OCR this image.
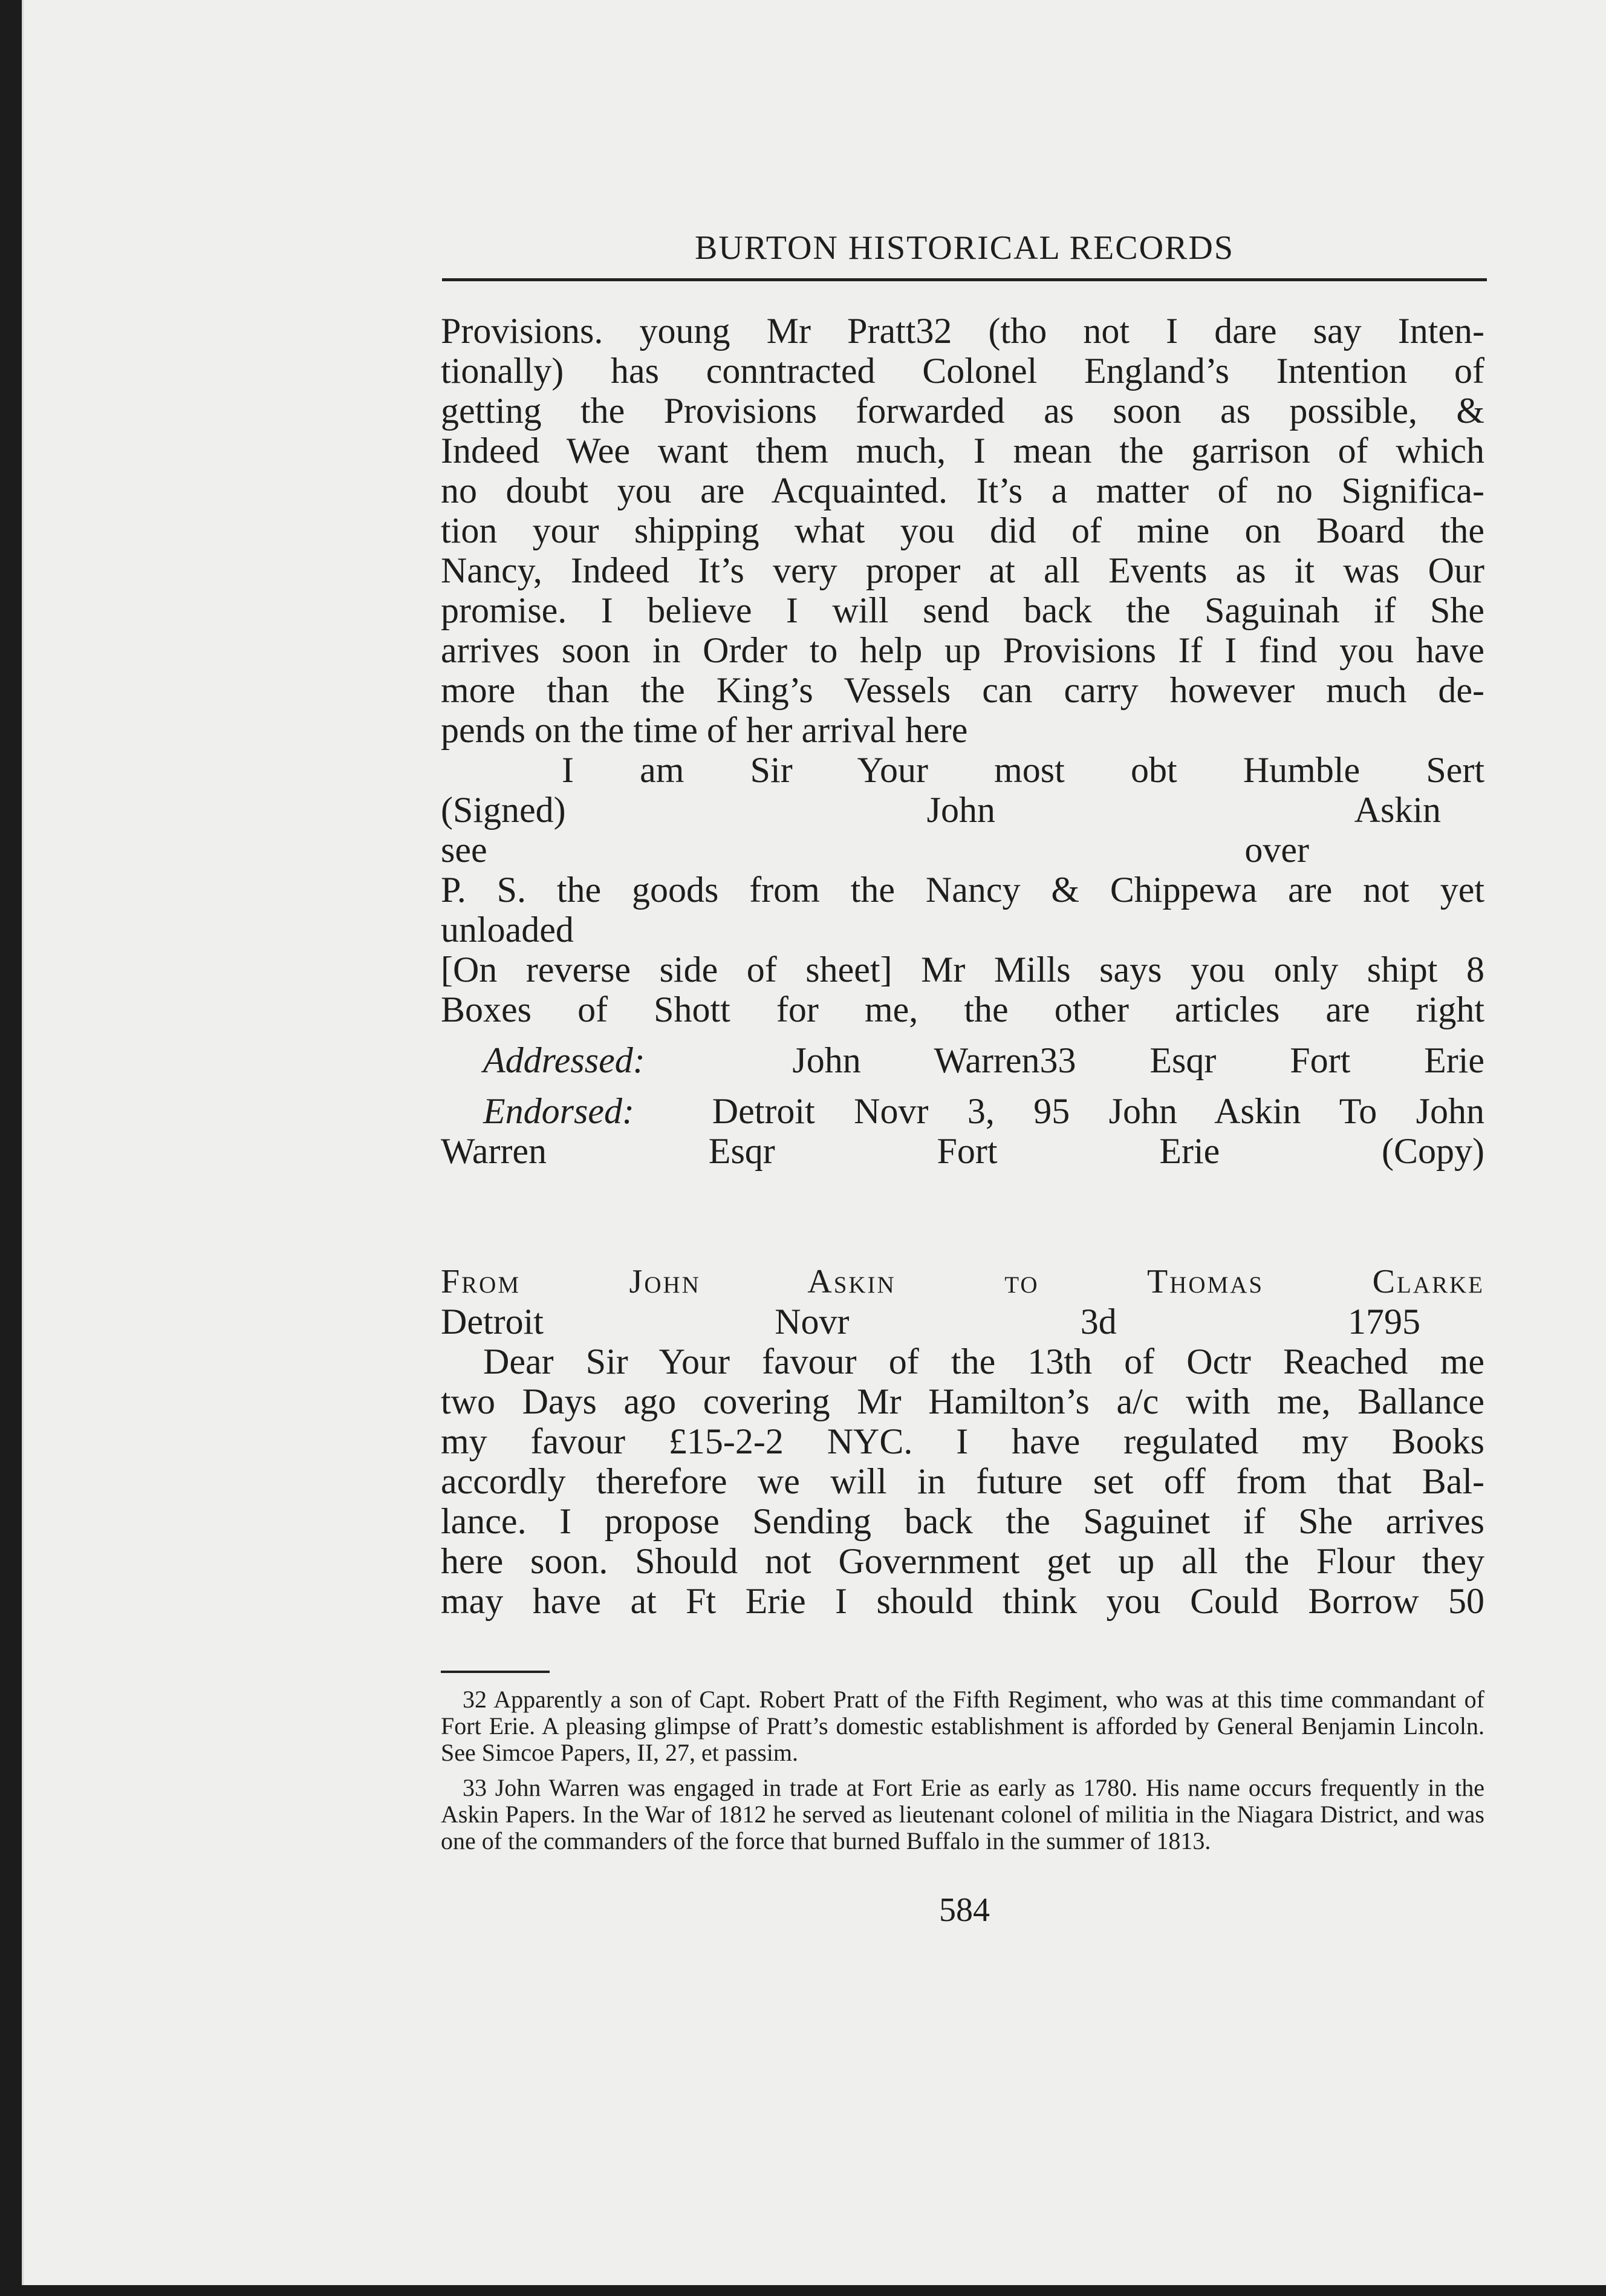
BURTON HISTORICAL RECORDS

Provisions. young Mr Pratt32 (tho not I dare say Inten-

tionally) has conntracted Colonel England’s Intention of

getting the Provisions forwarded as soon as possible, &

Indeed Wee want them much, I mean the garrison of which

no doubt you are Acquainted. It’s a matter of no Significa-

tion your shipping what you did of mine on Board the

Nancy, Indeed It’s very proper at all Events as it was Our

promise. I believe I will send back the Saguinah if She

arrives soon in Order to help up Provisions If I find you have

more than the King’s Vessels can carry however much de-

pends on the time of her arrival here

I am Sir Your most obt Humble Sert

(Signed) John Askin

see over

P. S. the goods from the Nancy & Chippewa are not yet

unloaded

[On reverse side of sheet] Mr Mills says you only shipt 8

Boxes of Shott for me, the other articles are right

Addressed:	John Warren33 Esqr Fort Erie

Endorsed: Detroit Novr 3, 95 John Askin To John

Warren Esqr Fort Erie (Copy)

From John Askin to Thomas Clarke

Detroit Novr 3d 1795

Dear Sir Your favour of the 13th of Octr Reached me

two Days ago covering Mr Hamilton’s a/c with me, Ballance

my favour £15-2-2 NYC. I have regulated my Books

accordly therefore we will in future set off from that Bal-

lance. I propose Sending back the Saguinet if She arrives

here soon. Should not Government get up all the Flour they

may have at Ft Erie I should think you Could Borrow 50

32 Apparently a son of Capt. Robert Pratt of the Fifth Regiment, who was at this time commandant of Fort Erie. A pleasing glimpse of Pratt’s domestic establishment is afforded by General Benjamin Lincoln. See Simcoe Papers, II, 27, et passim.

33 John Warren was engaged in trade at Fort Erie as early as 1780. His name occurs frequently in the Askin Papers. In the War of 1812 he served as lieutenant colonel of militia in the Niagara District, and was one of the commanders of the force that burned Buffalo in the summer of 1813.

584
